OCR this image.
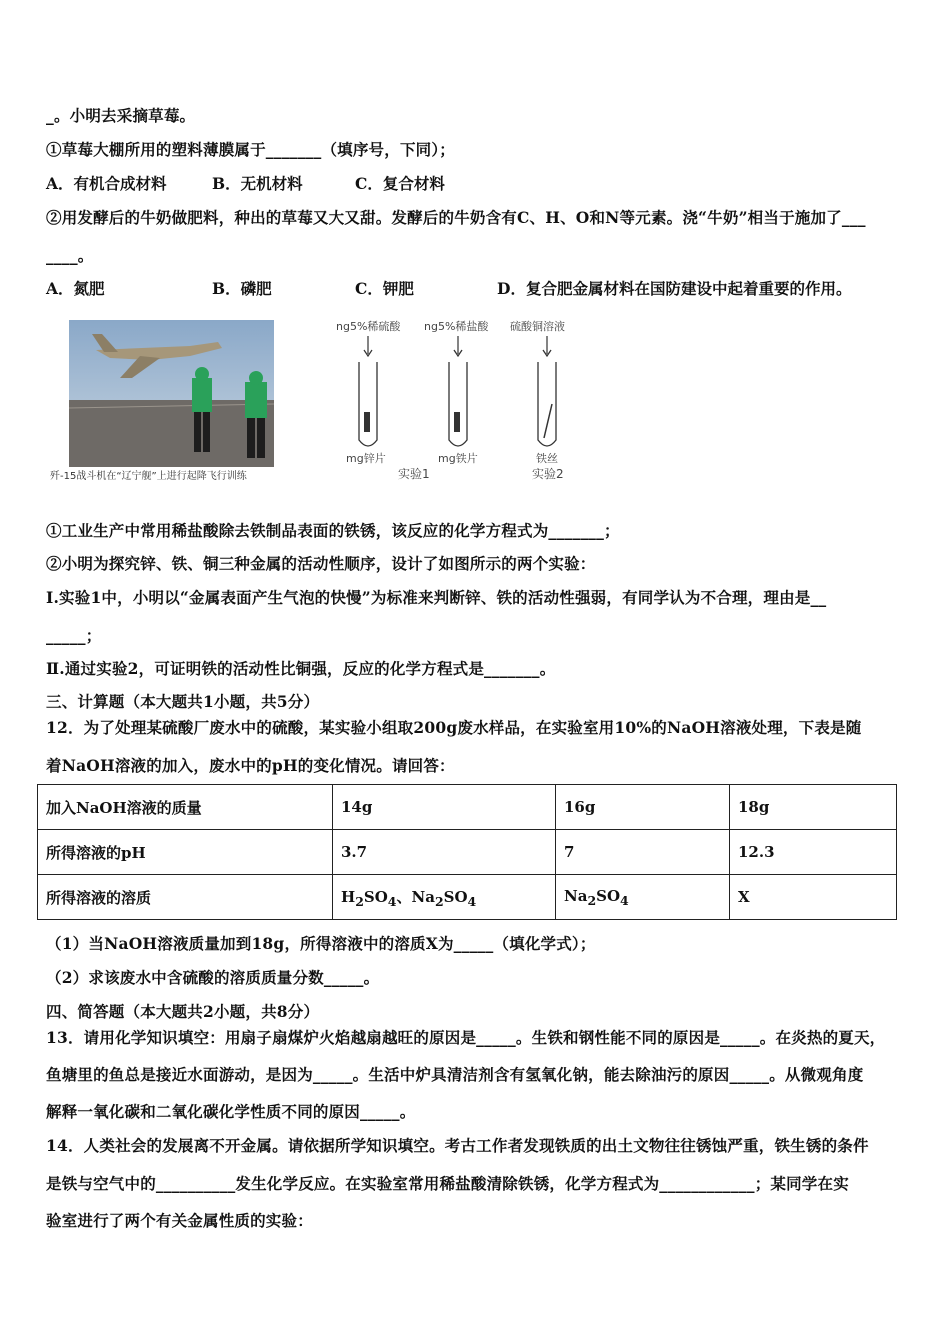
_。小明去采摘草莓。
①草莓大棚所用的塑料薄膜属于_______（填序号，下同）；
A．有机合成材料	B．无机材料	C．复合材料
②用发酵后的牛奶做肥料，种出的草莓又大又甜。发酵后的牛奶含有C、H、O和N等元素。浇“牛奶”相当于施加了___
____。
A．氮肥	B．磷肥	C．钾肥	D．复合肥金属材料在国防建设中起着重要的作用。
歼-15战斗机在“辽宁舰”上进行起降飞行训练
ng5%稀硫酸
mg锌片
ng5%稀盐酸
mg铁片
硫酸铜溶液
铁丝
实验1	实验2
①工业生产中常用稀盐酸除去铁制品表面的铁锈，该反应的化学方程式为_______；
②小明为探究锌、铁、铜三种金属的活动性顺序，设计了如图所示的两个实验：
Ⅰ.实验1中，小明以“金属表面产生气泡的快慢”为标准来判断锌、铁的活动性强弱，有同学认为不合理，理由是__
_____；
Ⅱ.通过实验2，可证明铁的活动性比铜强，反应的化学方程式是_______。
三、计算题（本大题共1小题，共5分）
12．为了处理某硫酸厂废水中的硫酸，某实验小组取200g废水样品，在实验室用10%的NaOH溶液处理，下表是随
着NaOH溶液的加入，废水中的pH的变化情况。请回答：
加入NaOH溶液的质量	14g	16g	18g
所得溶液的pH	3.7	7	12.3
所得溶液的溶质	$H_2SO_4$、$Na_2SO_4$	$Na_2SO_4$	X
（1）当NaOH溶液质量加到18g，所得溶液中的溶质X为_____（填化学式）；
（2）求该废水中含硫酸的溶质质量分数_____。
四、简答题（本大题共2小题，共8分）
13．请用化学知识填空：用扇子扇煤炉火焰越扇越旺的原因是_____。生铁和钢性能不同的原因是_____。在炎热的夏天，
鱼塘里的鱼总是接近水面游动，是因为_____。生活中炉具清洁剂含有氢氧化钠，能去除油污的原因_____。从微观角度
解释一氧化碳和二氧化碳化学性质不同的原因_____。
14．人类社会的发展离不开金属。请依据所学知识填空。考古工作者发现铁质的出土文物往往锈蚀严重，铁生锈的条件
是铁与空气中的__________发生化学反应。在实验室常用稀盐酸清除铁锈，化学方程式为____________；某同学在实
验室进行了两个有关金属性质的实验：
